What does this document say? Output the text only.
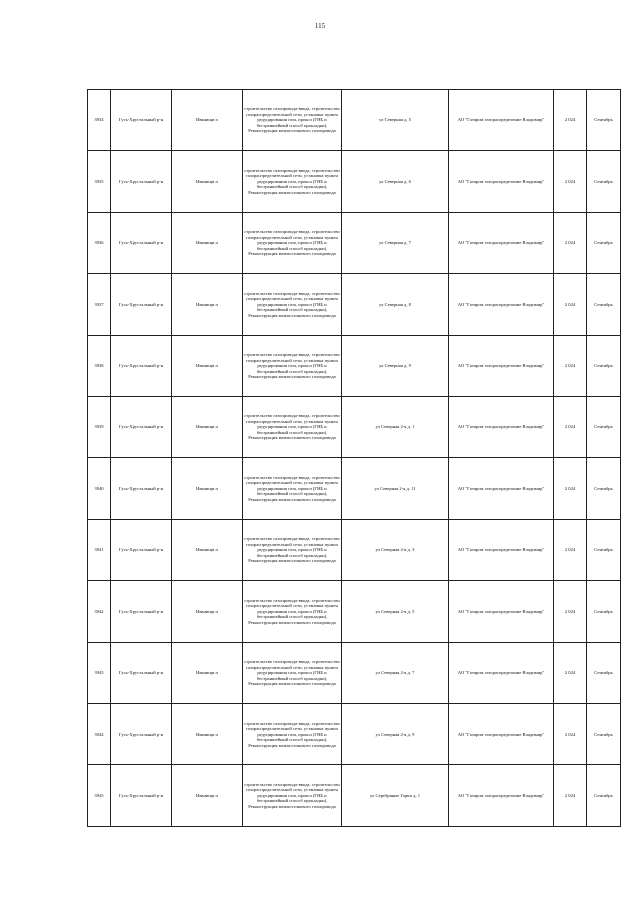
115
3934	Гусь-Хрустальный р-н	Иванищи п	строительство газопровода-ввода, строительство газораспределительной сети, установка пункта редуцирования газа, прокол (ГНБ и бестраншейный способ прокладки), Реконструкция межпоселкового газопровода	ул Северная д. 5	АО "Газпром газораспределение Владимир"	2 024	Сентябрь
3935	Гусь-Хрустальный р-н	Иванищи п	строительство газопровода-ввода, строительство газораспределительной сети, установка пункта редуцирования газа, прокол (ГНБ и бестраншейный способ прокладки), Реконструкция межпоселкового газопровода	ул Северная д. 6	АО "Газпром газораспределение Владимир"	2 024	Сентябрь
3936	Гусь-Хрустальный р-н	Иванищи п	строительство газопровода-ввода, строительство газораспределительной сети, установка пункта редуцирования газа, прокол (ГНБ и бестраншейный способ прокладки), Реконструкция межпоселкового газопровода	ул Северная д. 7	АО "Газпром газораспределение Владимир"	2 024	Сентябрь
3937	Гусь-Хрустальный р-н	Иванищи п	строительство газопровода-ввода, строительство газораспределительной сети, установка пункта редуцирования газа, прокол (ГНБ и бестраншейный способ прокладки), Реконструкция межпоселкового газопровода	ул Северная д. 8	АО "Газпром газораспределение Владимир"	2 024	Сентябрь
3938	Гусь-Хрустальный р-н	Иванищи п	строительство газопровода-ввода, строительство газораспределительной сети, установка пункта редуцирования газа, прокол (ГНБ и бестраншейный способ прокладки), Реконструкция межпоселкового газопровода	ул Северная д. 9	АО "Газпром газораспределение Владимир"	2 024	Сентябрь
3939	Гусь-Хрустальный р-н	Иванищи п	строительство газопровода-ввода, строительство газораспределительной сети, установка пункта редуцирования газа, прокол (ГНБ и бестраншейный способ прокладки), Реконструкция межпоселкового газопровода	ул Северная 2-я д. 1	АО "Газпром газораспределение Владимир"	2 024	Сентябрь
3940	Гусь-Хрустальный р-н	Иванищи п	строительство газопровода-ввода, строительство газораспределительной сети, установка пункта редуцирования газа, прокол (ГНБ и бестраншейный способ прокладки), Реконструкция межпоселкового газопровода	ул Северная 2-я д. 11	АО "Газпром газораспределение Владимир"	2 024	Сентябрь
3941	Гусь-Хрустальный р-н	Иванищи п	строительство газопровода-ввода, строительство газораспределительной сети, установка пункта редуцирования газа, прокол (ГНБ и бестраншейный способ прокладки), Реконструкция межпоселкового газопровода	ул Северная 2-я д. 3	АО "Газпром газораспределение Владимир"	2 024	Сентябрь
3942	Гусь-Хрустальный р-н	Иванищи п	строительство газопровода-ввода, строительство газораспределительной сети, установка пункта редуцирования газа, прокол (ГНБ и бестраншейный способ прокладки), Реконструкция межпоселкового газопровода	ул Северная 2-я д. 5	АО "Газпром газораспределение Владимир"	2 024	Сентябрь
3943	Гусь-Хрустальный р-н	Иванищи п	строительство газопровода-ввода, строительство газораспределительной сети, установка пункта редуцирования газа, прокол (ГНБ и бестраншейный способ прокладки), Реконструкция межпоселкового газопровода	ул Северная 2-я д. 7	АО "Газпром газораспределение Владимир"	2 024	Сентябрь
3944	Гусь-Хрустальный р-н	Иванищи п	строительство газопровода-ввода, строительство газораспределительной сети, установка пункта редуцирования газа, прокол (ГНБ и бестраншейный способ прокладки), Реконструкция межпоселкового газопровода	ул Северная 2-я д. 9	АО "Газпром газораспределение Владимир"	2 024	Сентябрь
3945	Гусь-Хрустальный р-н	Иванищи п	строительство газопровода-ввода, строительство газораспределительной сети, установка пункта редуцирования газа, прокол (ГНБ и бестраншейный способ прокладки), Реконструкция межпоселкового газопровода	ул Серебряные Горки д. 1	АО "Газпром газораспределение Владимир"	2 024	Сентябрь
